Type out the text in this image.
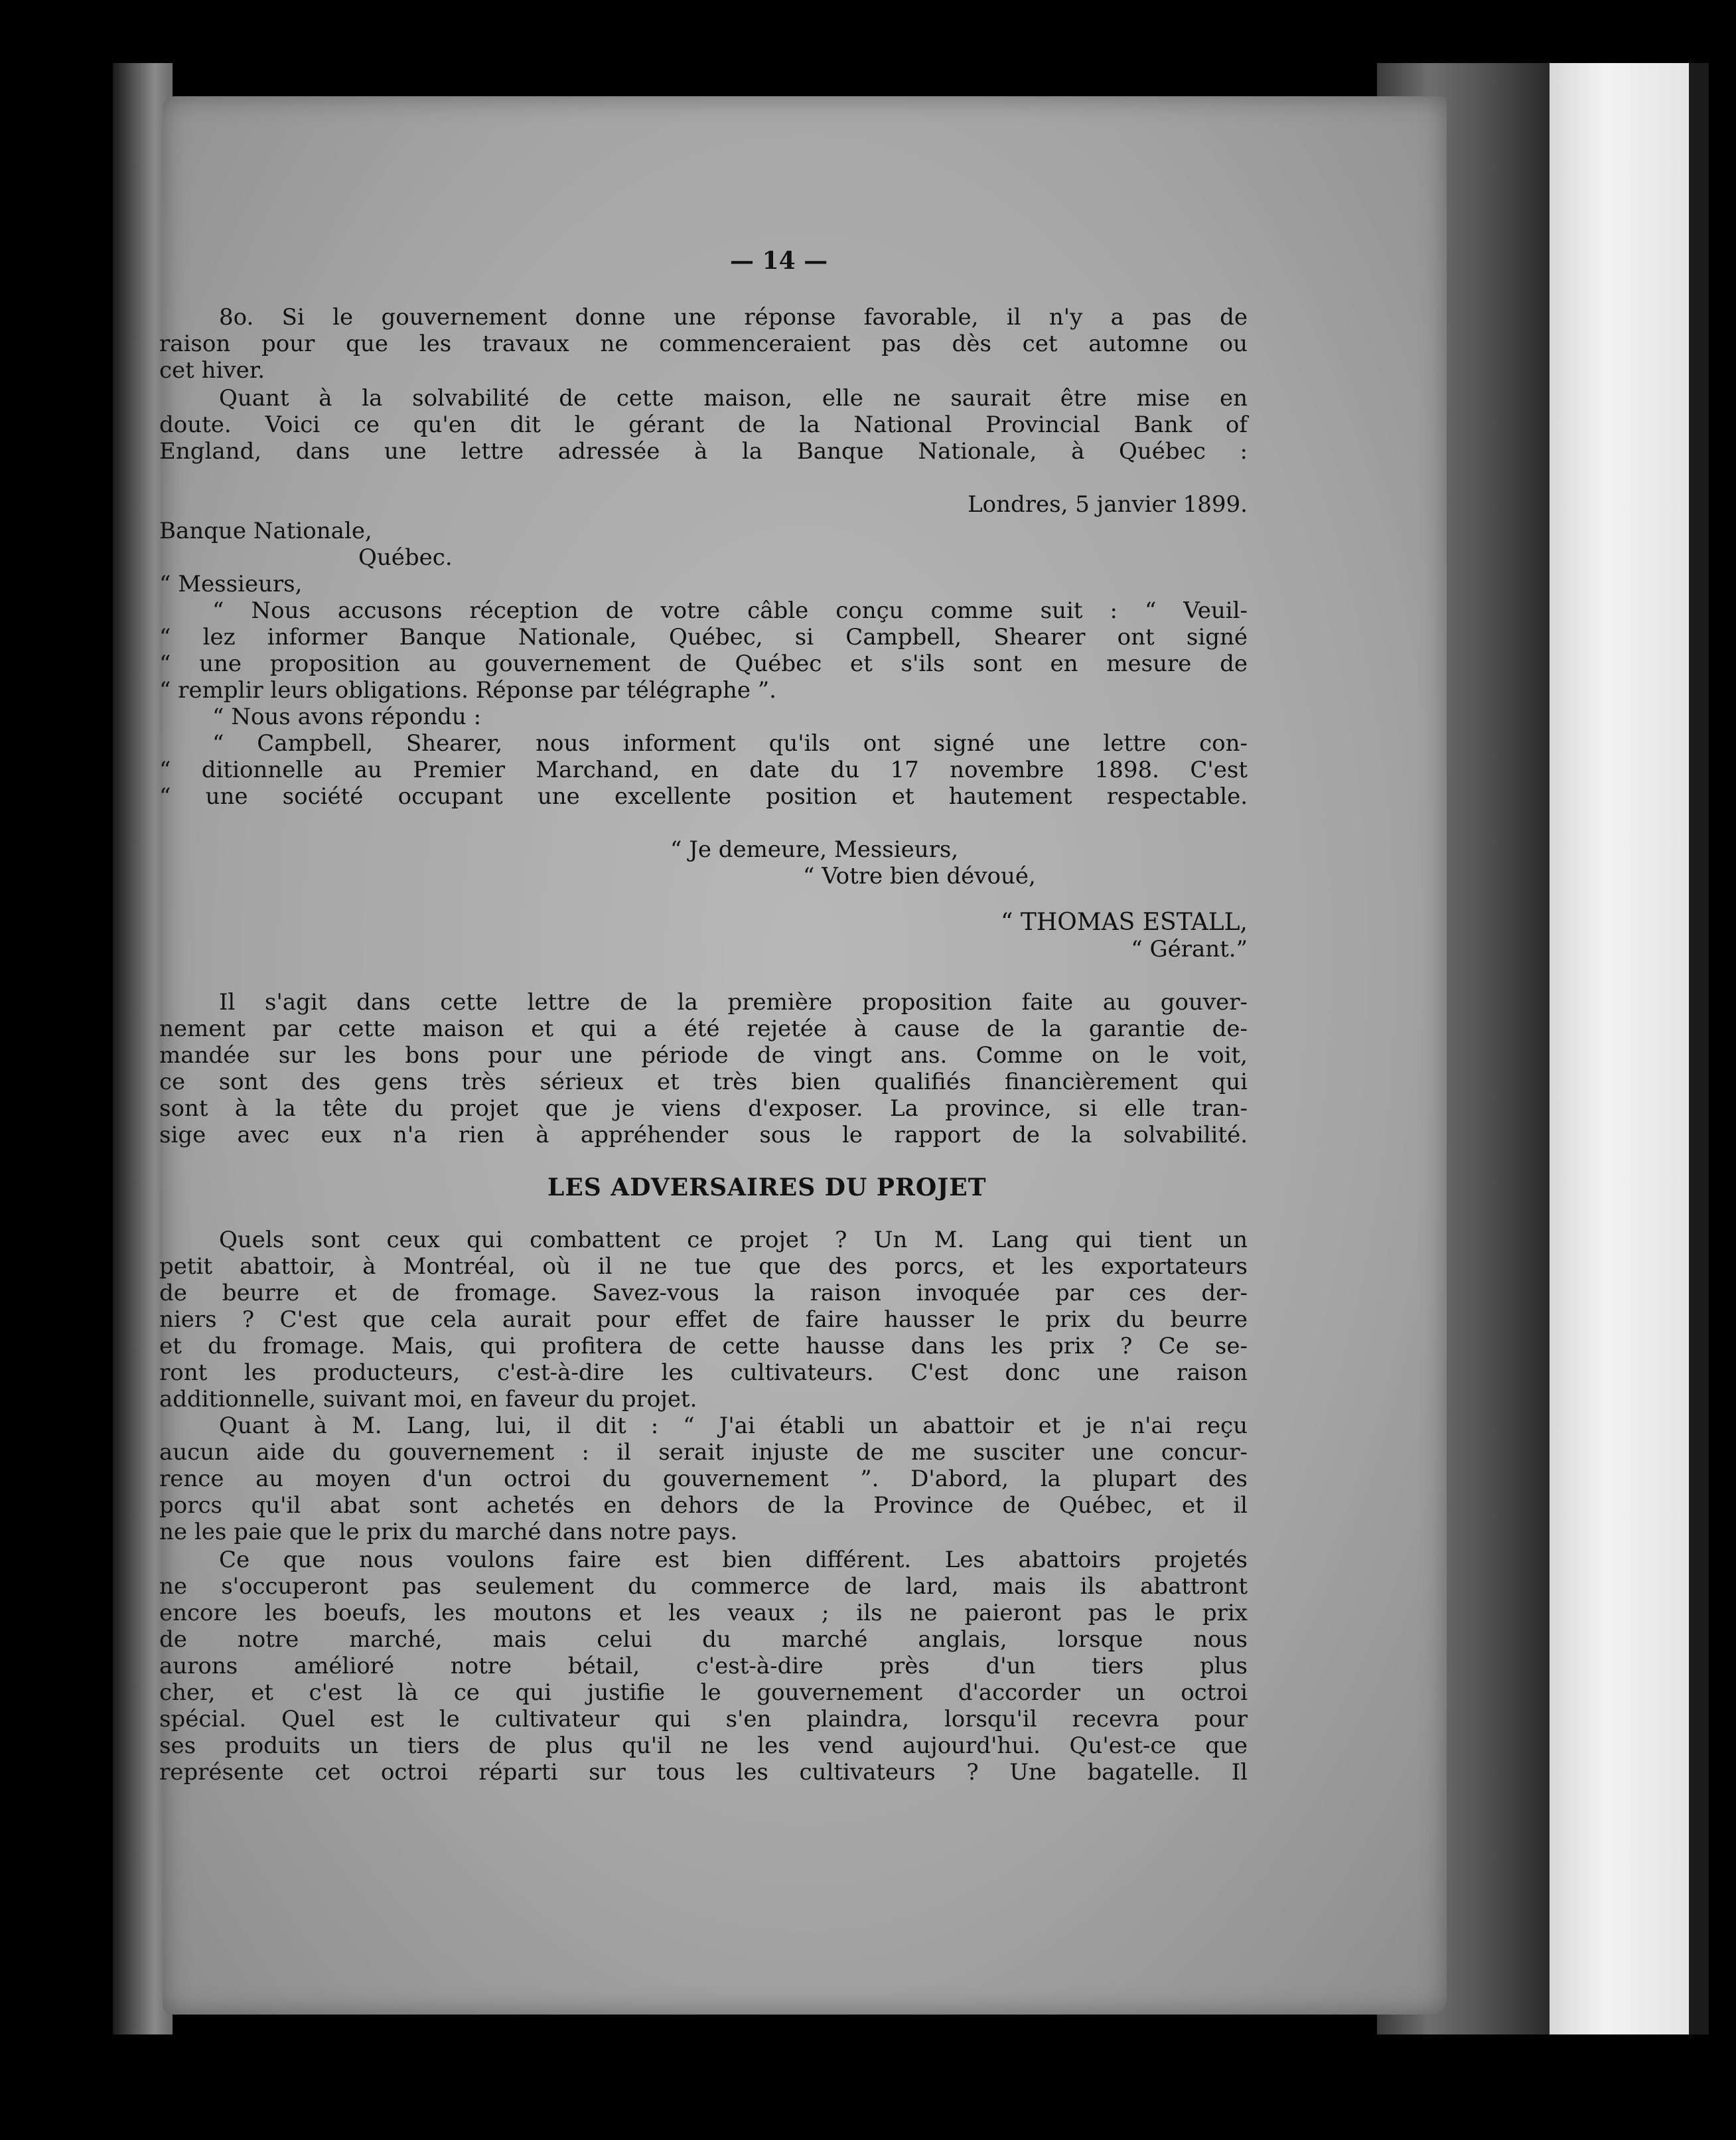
— 14 —
8o. Si le gouvernement donne une réponse favorable, il n'y a pas de
raison pour que les travaux ne commenceraient pas dès cet automne ou
cet hiver.
Quant à la solvabilité de cette maison, elle ne saurait être mise en
doute. Voici ce qu'en dit le gérant de la National Provincial Bank of
England, dans une lettre adressée à la Banque Nationale, à Québec :
Londres, 5 janvier 1899.
Banque Nationale,
Québec.
“ Messieurs,
“ Nous accusons réception de votre câble conçu comme suit : “ Veuil-
“ lez informer Banque Nationale, Québec, si Campbell, Shearer ont signé
“ une proposition au gouvernement de Québec et s'ils sont en mesure de
“ remplir leurs obligations. Réponse par télégraphe ”.
“ Nous avons répondu :
“ Campbell, Shearer, nous informent qu'ils ont signé une lettre con-
“ ditionnelle au Premier Marchand, en date du 17 novembre 1898. C'est
“ une société occupant une excellente position et hautement respectable.
“ Je demeure, Messieurs,
“ Votre bien dévoué,
“ THOMAS ESTALL,
“ Gérant.”
Il s'agit dans cette lettre de la première proposition faite au gouver-
nement par cette maison et qui a été rejetée à cause de la garantie de-
mandée sur les bons pour une période de vingt ans. Comme on le voit,
ce sont des gens très sérieux et très bien qualifiés financièrement qui
sont à la tête du projet que je viens d'exposer. La province, si elle tran-
sige avec eux n'a rien à appréhender sous le rapport de la solvabilité.
LES ADVERSAIRES DU PROJET
Quels sont ceux qui combattent ce projet ? Un M. Lang qui tient un
petit abattoir, à Montréal, où il ne tue que des porcs, et les exportateurs
de beurre et de fromage. Savez-vous la raison invoquée par ces der-
niers ? C'est que cela aurait pour effet de faire hausser le prix du beurre
et du fromage. Mais, qui profitera de cette hausse dans les prix ? Ce se-
ront les producteurs, c'est-à-dire les cultivateurs. C'est donc une raison
additionnelle, suivant moi, en faveur du projet.
Quant à M. Lang, lui, il dit : “ J'ai établi un abattoir et je n'ai reçu
aucun aide du gouvernement : il serait injuste de me susciter une concur-
rence au moyen d'un octroi du gouvernement ”. D'abord, la plupart des
porcs qu'il abat sont achetés en dehors de la Province de Québec, et il
ne les paie que le prix du marché dans notre pays.
Ce que nous voulons faire est bien différent. Les abattoirs projetés
ne s'occuperont pas seulement du commerce de lard, mais ils abattront
encore les boeufs, les moutons et les veaux ; ils ne paieront pas le prix
de notre marché, mais celui du marché anglais, lorsque nous
aurons amélioré notre bétail, c'est-à-dire près d'un tiers plus
cher, et c'est là ce qui justifie le gouvernement d'accorder un octroi
spécial. Quel est le cultivateur qui s'en plaindra, lorsqu'il recevra pour
ses produits un tiers de plus qu'il ne les vend aujourd'hui. Qu'est-ce que
représente cet octroi réparti sur tous les cultivateurs ? Une bagatelle. Il
